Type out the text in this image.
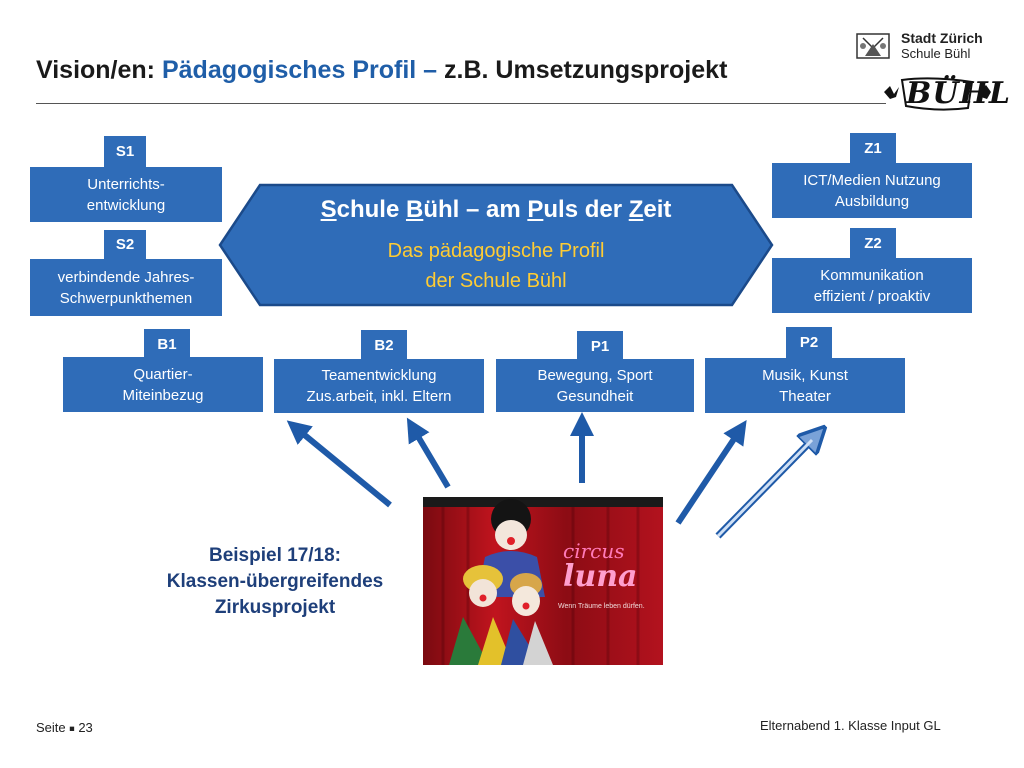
Vision/en: Pädagogisches Profil – z.B. Umsetzungsprojekt
Stadt Zürich
Schule Bühl
BÜHL
Schule Bühl – am Puls der Zeit
Das pädagogische Profil
der Schule Bühl
S1
Unterrichts-
entwicklung
S2
verbindende Jahres-
Schwerpunkthemen
Z1
ICT/Medien Nutzung
Ausbildung
Z2
Kommunikation
effizient / proaktiv
B1
Quartier-
Miteinbezug
B2
Teamentwicklung
Zus.arbeit, inkl. Eltern
P1
Bewegung, Sport
Gesundheit
P2
Musik, Kunst
Theater
Beispiel 17/18:
Klassen-übergreifendes
Zirkusprojekt
circus
luna
Wenn Träume leben dürfen.
Seite ■ 23	Elternabend 1. Klasse Input GL
